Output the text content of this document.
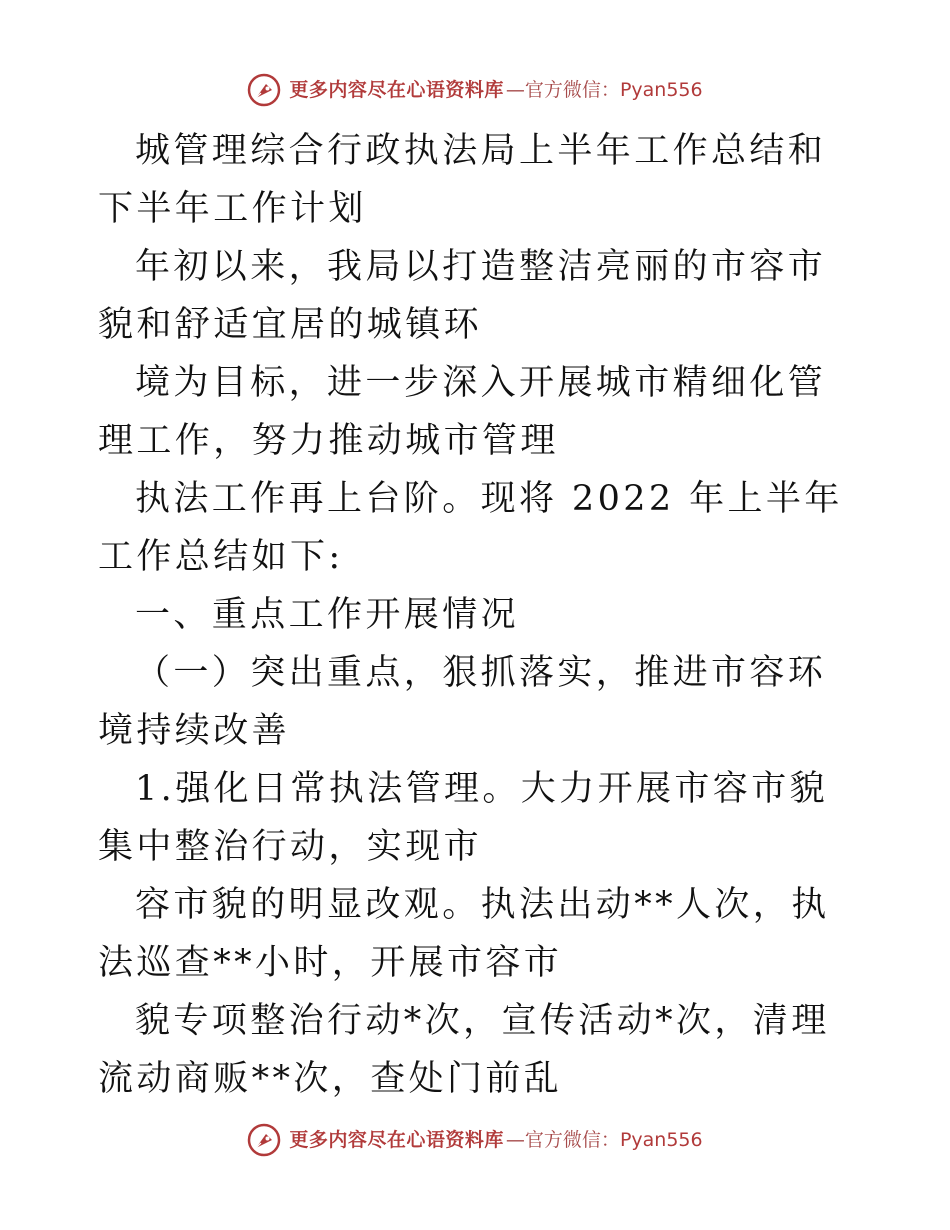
更多内容尽在心语资料库 —官方微信： Pyan556

城管理综合行政执法局上半年工作总结和下半年工作计划

年初以来，我局以打造整洁亮丽的市容市貌和舒适宜居的城镇环

境为目标，进一步深入开展城市精细化管理工作，努力推动城市管理

执法工作再上台阶。现将 2022 年上半年工作总结如下:

一、重点工作开展情况

（一）突出重点，狠抓落实，推进市容环境持续改善

1.强化日常执法管理。大力开展市容市貌集中整治行动，实现市

容市貌的明显改观。执法出动**人次，执法巡查**小时，开展市容市

貌专项整治行动*次，宣传活动*次，清理流动商贩**次，查处门前乱

更多内容尽在心语资料库 —官方微信： Pyan556
